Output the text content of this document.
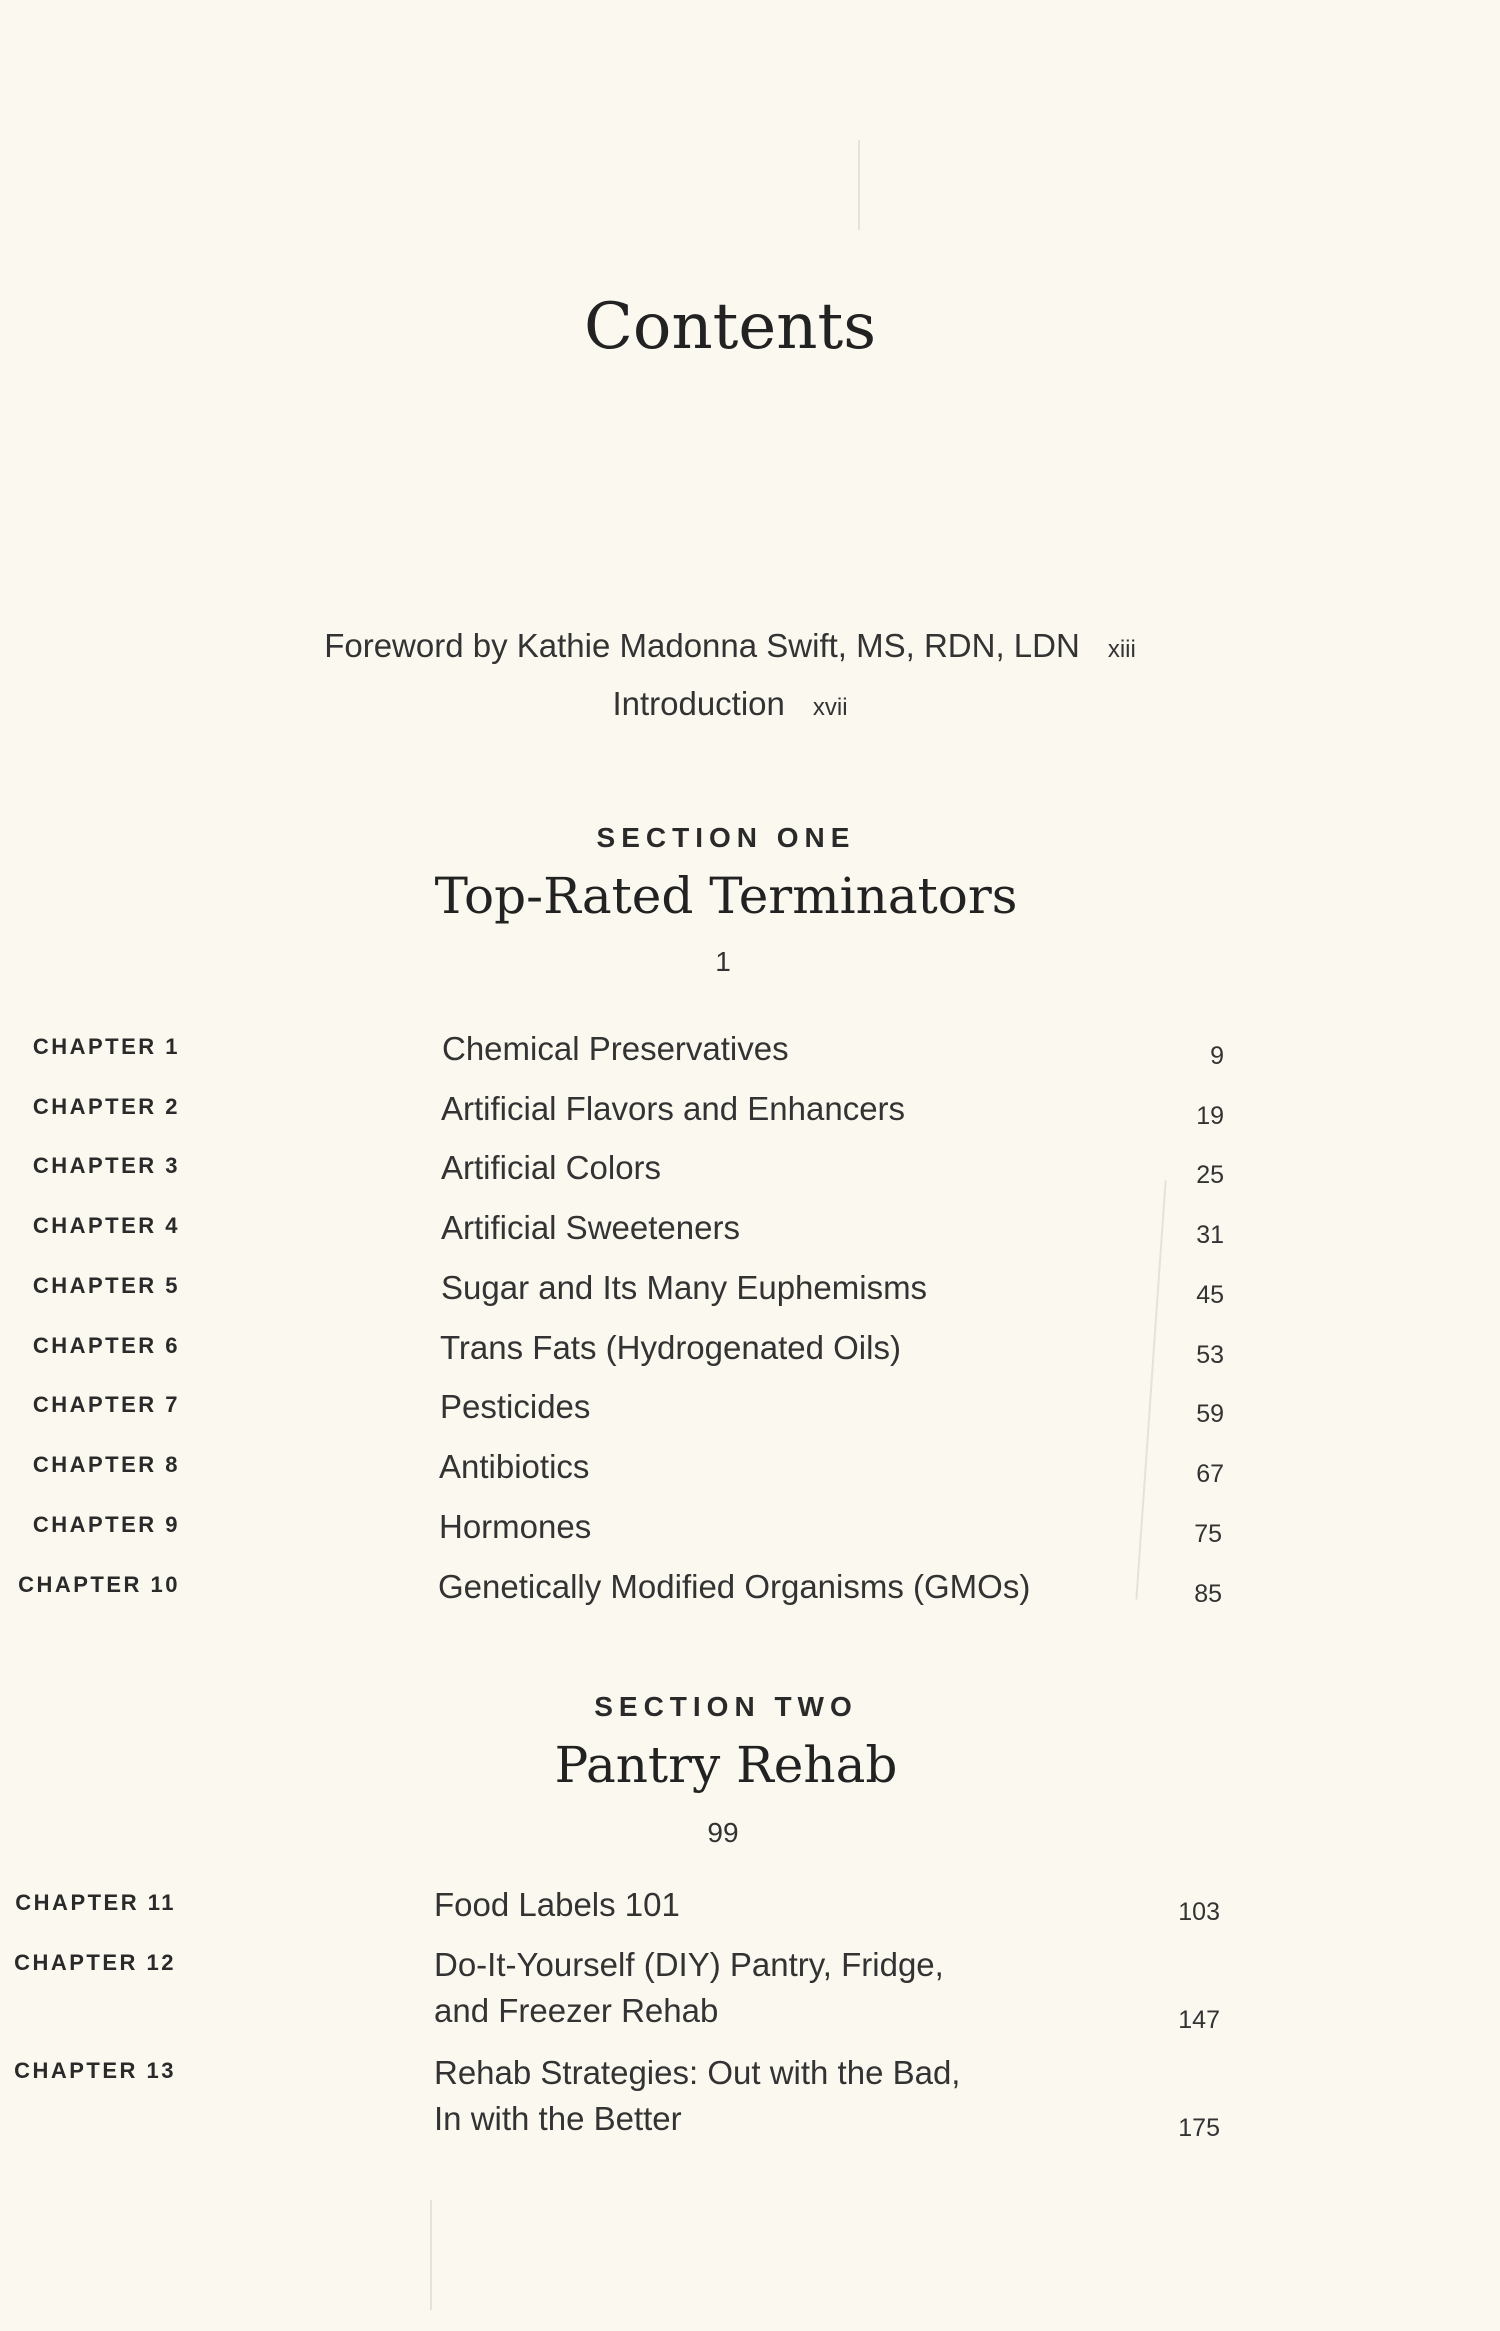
Contents
Foreword by Kathie Madonna Swift, MS, RDN, LDN xiii
Introduction xvii
SECTION ONE
Top-Rated Terminators
1
CHAPTER 1	Chemical Preservatives	9
CHAPTER 2	Artificial Flavors and Enhancers	19
CHAPTER 3	Artificial Colors	25
CHAPTER 4	Artificial Sweeteners	31
CHAPTER 5	Sugar and Its Many Euphemisms	45
CHAPTER 6	Trans Fats (Hydrogenated Oils)	53
CHAPTER 7	Pesticides	59
CHAPTER 8	Antibiotics	67
CHAPTER 9	Hormones	75
CHAPTER 10	Genetically Modified Organisms (GMOs)	85
SECTION TWO
Pantry Rehab
99
CHAPTER 11	Food Labels 101	103
CHAPTER 12	Do-It-Yourself (DIY) Pantry, Fridge,
and Freezer Rehab	147
CHAPTER 13	Rehab Strategies: Out with the Bad,
In with the Better	175
